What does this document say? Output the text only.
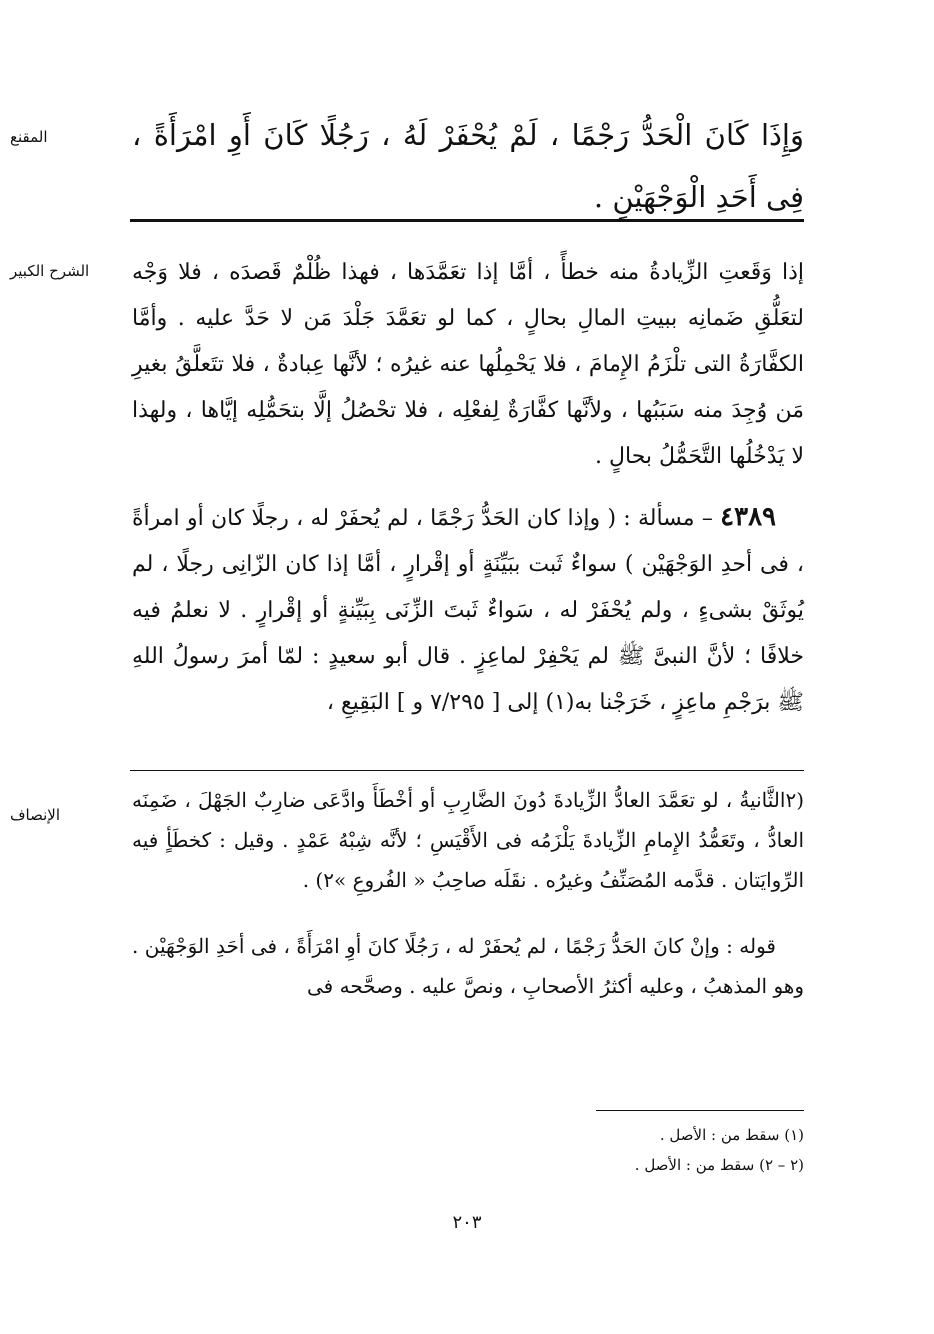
المقنع	وَإِذَا كَانَ الْحَدُّ رَجْمًا ، لَمْ يُحْفَرْ لَهُ ، رَجُلًا كَانَ أَوِ امْرَأَةً ، فِى أَحَدِ الْوَجْهَيْنِ .

الشرح الكبير	إذا وَقَعتِ الزِّيادةُ منه خطأً ، أمَّا إذا تعَمَّدَها ، فهذا ظُلْمٌ قَصدَه ، فلا وَجْه لتعَلُّقِ ضَمانِه ببيتِ المالِ بحالٍ ، كما لو تعَمَّدَ جَلْدَ مَن لا حَدَّ عليه . وأمَّا الكفَّارَةُ التى تلْزَمُ الإِمامَ ، فلا يَحْمِلُها عنه غيرُه ؛ لأنَّها عِبادةٌ ، فلا تتَعلَّقُ بغيرِ مَن وُجِدَ منه سَبَبُها ، ولأنَّها كفَّارَةٌ لِفعْلِه ، فلا تحْصُلُ إلَّا بتحَمُّلِه إيَّاها ، ولهذا لا يَدْخُلُها التَّحَمُّلُ بحالٍ .

٤٣٨٩ – مسألة : ( وإذا كان الحَدُّ رَجْمًا ، لم يُحفَرْ له ، رجلًا كان أو امرأةً ، فى أحدِ الوَجْهَيْن ) سواءٌ ثَبت ببَيِّنَةٍ أو إقْرارٍ ، أمَّا إذا كان الزّانِى رجلًا ، لم يُوثَقْ بشىءٍ ، ولم يُحْفَرْ له ، سَواءٌ ثَبتَ الزِّنَى بِبَيِّنةٍ أو إقْرارٍ . لا نعلمُ فيه خلافًا ؛ لأنَّ النبىَّ ﷺ لم يَحْفِرْ لماعِزٍ . قال أبو سعيدٍ : لمّا أمرَ رسولُ اللهِ ﷺ برَجْمِ ماعِزٍ ، خَرَجْنا به(١) إلى [ ٧/٢٩٥ و ] البَقِيعِ ،

الإنصاف

(٢الثَّانيةُ ، لو تعَمَّدَ العادُّ الزِّيادةَ دُونَ الضَّارِبِ أو أخْطَأَ وادَّعَى ضارِبٌ الجَهْلَ ، ضَمِنَه العادُّ ، وتَعَمُّدُ الإِمامِ الزِّيادةَ يَلْزَمُه فى الأَقْيَسِ ؛ لأنَّه شِبْهُ عَمْدٍ . وقيل : كخطَأٍ فيه الرِّوايَتان . قدَّمه المُصَنِّفُ وغيرُه . نقَلَه صاحِبُ « الفُروعِ »٢) .

قوله : وإنْ كانَ الحَدُّ رَجْمًا ، لم يُحفَرْ له ، رَجُلًا كانَ أوِ امْرَأَةً ، فى أحَدِ الوَجْهَيْن . وهو المذهبُ ، وعليه أكثرُ الأصحابِ ، ونصَّ عليه . وصحَّحه فى

(١) سقط من : الأصل .
(٢ – ٢) سقط من : الأصل .
٢٠٣
